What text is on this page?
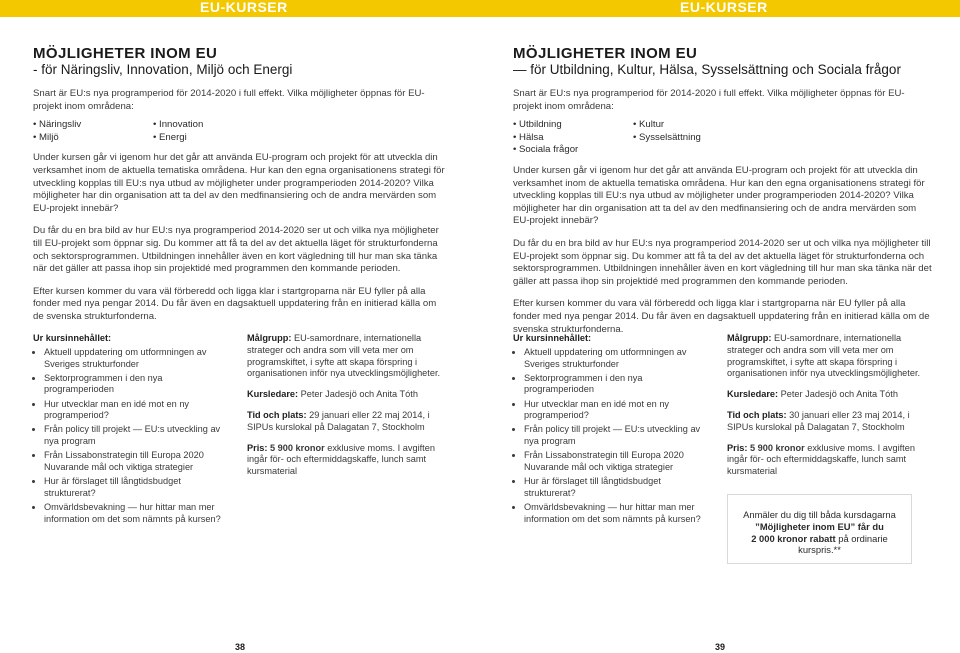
EU-KURSER
MÖJLIGHETER INOM EU

- för Näringsliv, Innovation, Miljö och Energi

Snart är EU:s nya programperiod för 2014-2020 i full effekt. Vilka möjligheter öppnas för EU-projekt inom områdena:

• Näringsliv	• Innovation
• Miljö	• Energi

Under kursen går vi igenom hur det går att använda EU-program och projekt för att utveckla din verksamhet inom de aktuella tematiska områdena. Hur kan den egna organisationens strategi för utveckling kopplas till EU:s nya utbud av möjligheter under programperioden 2014-2020? Vilka möjligheter har din organisation att ta del av den medfinansiering och de andra mervärden som EU-projekt innebär?

Du får du en bra bild av hur EU:s nya programperiod 2014-2020 ser ut och vilka nya möjligheter till EU-projekt som öppnar sig. Du kommer att få ta del av det aktuella läget för strukturfonderna och sektorsprogrammen. Utbildningen innehåller även en kort vägledning till hur man ska tänka när det gäller att passa ihop sin projektidé med programmen den kommande perioden.

Efter kursen kommer du vara väl förberedd och ligga klar i startgroparna när EU fyller på alla fonder med nya pengar 2014. Du får även en dagsaktuell uppdatering från en initierad källa om de svenska strukturfonderna.

Ur kursinnehållet:
• Aktuell uppdatering om utformningen av Sveriges strukturfonder
• Sektorprogrammen i den nya programperioden
• Hur utvecklar man en idé mot en ny programperiod?
• Från policy till projekt — EU:s utveckling av nya program
• Från Lissabonstrategin till Europa 2020 Nuvarande mål och viktiga strategier
• Hur är förslaget till långtidsbudget strukturerat?
• Omvärldsbevakning — hur hittar man mer information om det som nämnts på kursen?

Målgrupp: EU-samordnare, internationella strateger och andra som vill veta mer om programskiftet, i syfte att skapa förspring i organisationen inför nya utvecklingsmöjligheter.

Kursledare: Peter Jadesjö och Anita Tóth

Tid och plats: 29 januari eller 22 maj 2014, i SIPUs kurslokal på Dalagatan 7, Stockholm

Pris: 5 900 kronor exklusive moms. I avgiften ingår för- och eftermiddagskaffe, lunch samt kursmaterial

38
EU-KURSER
MÖJLIGHETER INOM EU

— för Utbildning, Kultur, Hälsa, Sysselsättning och Sociala frågor

Snart är EU:s nya programperiod för 2014-2020 i full effekt. Vilka möjligheter öppnas för EU-projekt inom områdena:

• Utbildning	• Kultur
• Hälsa	• Sysselsättning
• Sociala frågor

Under kursen går vi igenom hur det går att använda EU-program och projekt för att utveckla din verksamhet inom de aktuella tematiska områdena. Hur kan den egna organisationens strategi för utveckling kopplas till EU:s nya utbud av möjligheter under programperioden 2014-2020? Vilka möjligheter har din organisation att ta del av den medfinansiering och de andra mervärden som EU-projekt innebär?

Du får du en bra bild av hur EU:s nya programperiod 2014-2020 ser ut och vilka nya möjligheter till EU-projekt som öppnar sig. Du kommer att få ta del av det aktuella läget för strukturfonderna och sektorsprogrammen. Utbildningen innehåller även en kort vägledning till hur man ska tänka när det gäller att passa ihop sin projektidé med programmen den kommande perioden.

Efter kursen kommer du vara väl förberedd och ligga klar i startgroparna när EU fyller på alla fonder med nya pengar 2014. Du får även en dagsaktuell uppdatering från en initierad källa om de svenska strukturfonderna.

Ur kursinnehållet:
• Aktuell uppdatering om utformningen av Sveriges strukturfonder
• Sektorprogrammen i den nya programperioden
• Hur utvecklar man en idé mot en ny programperiod?
• Från policy till projekt — EU:s utveckling av nya program
• Från Lissabonstrategin till Europa 2020 Nuvarande mål och viktiga strategier
• Hur är förslaget till långtidsbudget strukturerat?
• Omvärldsbevakning — hur hittar man mer information om det som nämnts på kursen?

Målgrupp: EU-samordnare, internationella strateger och andra som vill veta mer om programskiftet, i syfte att skapa förspring i organisationen inför nya utvecklingsmöjligheter.

Kursledare: Peter Jadesjö och Anita Tóth

Tid och plats: 30 januari eller 23 maj 2014, i SIPUs kurslokal på Dalagatan 7, Stockholm

Pris: 5 900 kronor exklusive moms. I avgiften ingår för- och eftermiddagskaffe, lunch samt kursmaterial

39
Anmäler du dig till båda kursdagarna
”Möjligheter inom EU” får du
2 000 kronor rabatt på ordinarie kurspris.**
